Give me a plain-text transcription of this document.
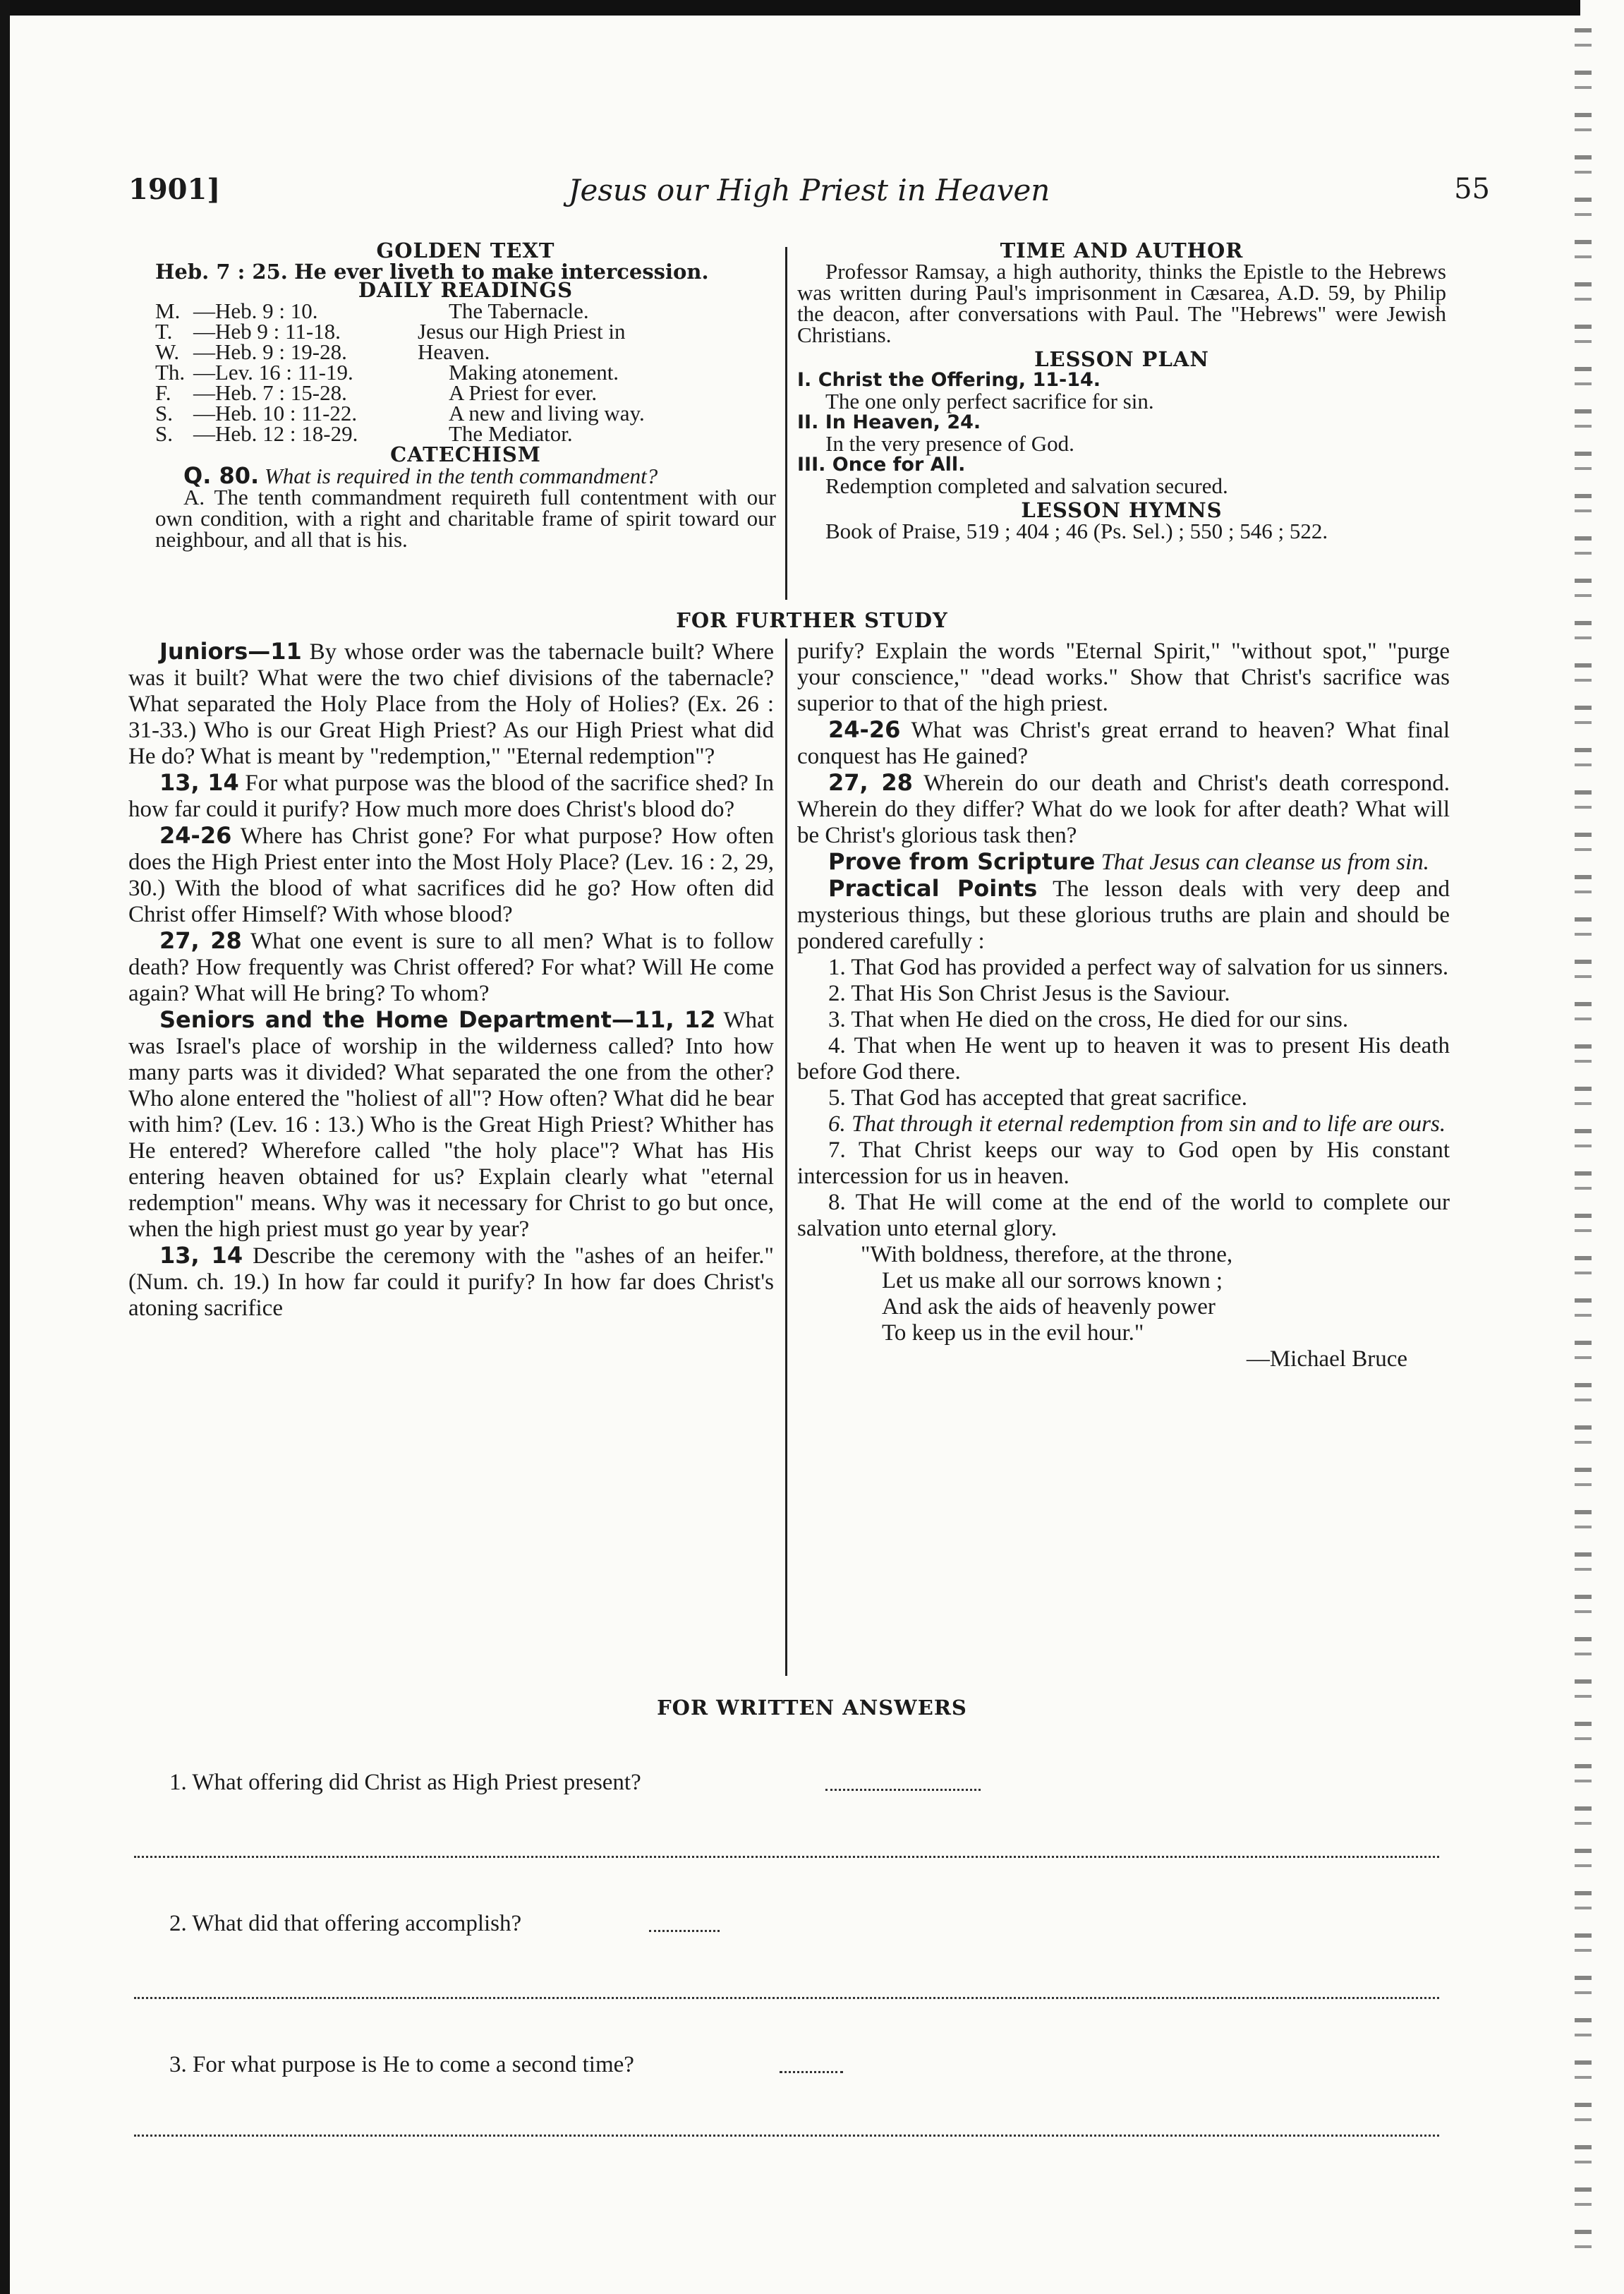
1901]	Jesus our High Priest in Heaven	55
GOLDEN TEXT
Heb. 7 : 25. He ever liveth to make intercession.
DAILY READINGS
M.	—Heb. 9 : 10.	The Tabernacle.
T.	—Heb 9 : 11-18.	Jesus our High Priest in
W.	—Heb. 9 : 19-28.	Heaven.
Th.	—Lev. 16 : 11-19.	Making atonement.
F.	—Heb. 7 : 15-28.	A Priest for ever.
S.	—Heb. 10 : 11-22.	A new and living way.
S.	—Heb. 12 : 18-29.	The Mediator.
CATECHISM
Q. 80. What is required in the tenth commandment?
A. The tenth commandment requireth full contentment with our own condition, with a right and charitable frame of spirit toward our neighbour, and all that is his.
TIME AND AUTHOR
Professor Ramsay, a high authority, thinks the Epistle to the Hebrews was written during Paul's imprisonment in Cæsarea, A.D. 59, by Philip the deacon, after conversations with Paul. The "Hebrews" were Jewish Christians.
LESSON PLAN
I. Christ the Offering, 11-14.
The one only perfect sacrifice for sin.
II. In Heaven, 24.
In the very presence of God.
III. Once for All.
Redemption completed and salvation secured.
LESSON HYMNS
Book of Praise, 519 ; 404 ; 46 (Ps. Sel.) ; 550 ; 546 ; 522.
FOR FURTHER STUDY

Juniors—11 By whose order was the tabernacle built? Where was it built? What were the two chief divisions of the tabernacle? What separated the Holy Place from the Holy of Holies? (Ex. 26 : 31-33.) Who is our Great High Priest? As our High Priest what did He do? What is meant by "redemption," "Eternal redemption"?

13, 14 For what purpose was the blood of the sacrifice shed? In how far could it purify? How much more does Christ's blood do?

24-26 Where has Christ gone? For what purpose? How often does the High Priest enter into the Most Holy Place? (Lev. 16 : 2, 29, 30.) With the blood of what sacrifices did he go? How often did Christ offer Himself? With whose blood?

27, 28 What one event is sure to all men? What is to follow death? How frequently was Christ offered? For what? Will He come again? What will He bring? To whom?

Seniors and the Home Department—11, 12 What was Israel's place of worship in the wilderness called? Into how many parts was it divided? What separated the one from the other? Who alone entered the "holiest of all"? How often? What did he bear with him? (Lev. 16 : 13.) Who is the Great High Priest? Whither has He entered? Wherefore called "the holy place"? What has His entering heaven obtained for us? Explain clearly what "eternal redemption" means. Why was it necessary for Christ to go but once, when the high priest must go year by year?

13, 14 Describe the ceremony with the "ashes of an heifer." (Num. ch. 19.) In how far could it purify? In how far does Christ's atoning sacrifice

purify? Explain the words "Eternal Spirit," "without spot," "purge your conscience," "dead works." Show that Christ's sacrifice was superior to that of the high priest.

24-26 What was Christ's great errand to heaven? What final conquest has He gained?

27, 28 Wherein do our death and Christ's death correspond. Wherein do they differ? What do we look for after death? What will be Christ's glorious task then?

Prove from Scripture That Jesus can cleanse us from sin.

Practical Points The lesson deals with very deep and mysterious things, but these glorious truths are plain and should be pondered carefully :

1. That God has provided a perfect way of salvation for us sinners.

2. That His Son Christ Jesus is the Saviour.

3. That when He died on the cross, He died for our sins.

4. That when He went up to heaven it was to present His death before God there.

5. That God has accepted that great sacrifice.

6. That through it eternal redemption from sin and to life are ours.

7. That Christ keeps our way to God open by His constant intercession for us in heaven.

8. That He will come at the end of the world to complete our salvation unto eternal glory.

"With boldness, therefore, at the throne,

Let us make all our sorrows known ;

And ask the aids of heavenly power

To keep us in the evil hour."

—Michael Bruce

FOR WRITTEN ANSWERS
1. What offering did Christ as High Priest present?
2. What did that offering accomplish?
3. For what purpose is He to come a second time?
